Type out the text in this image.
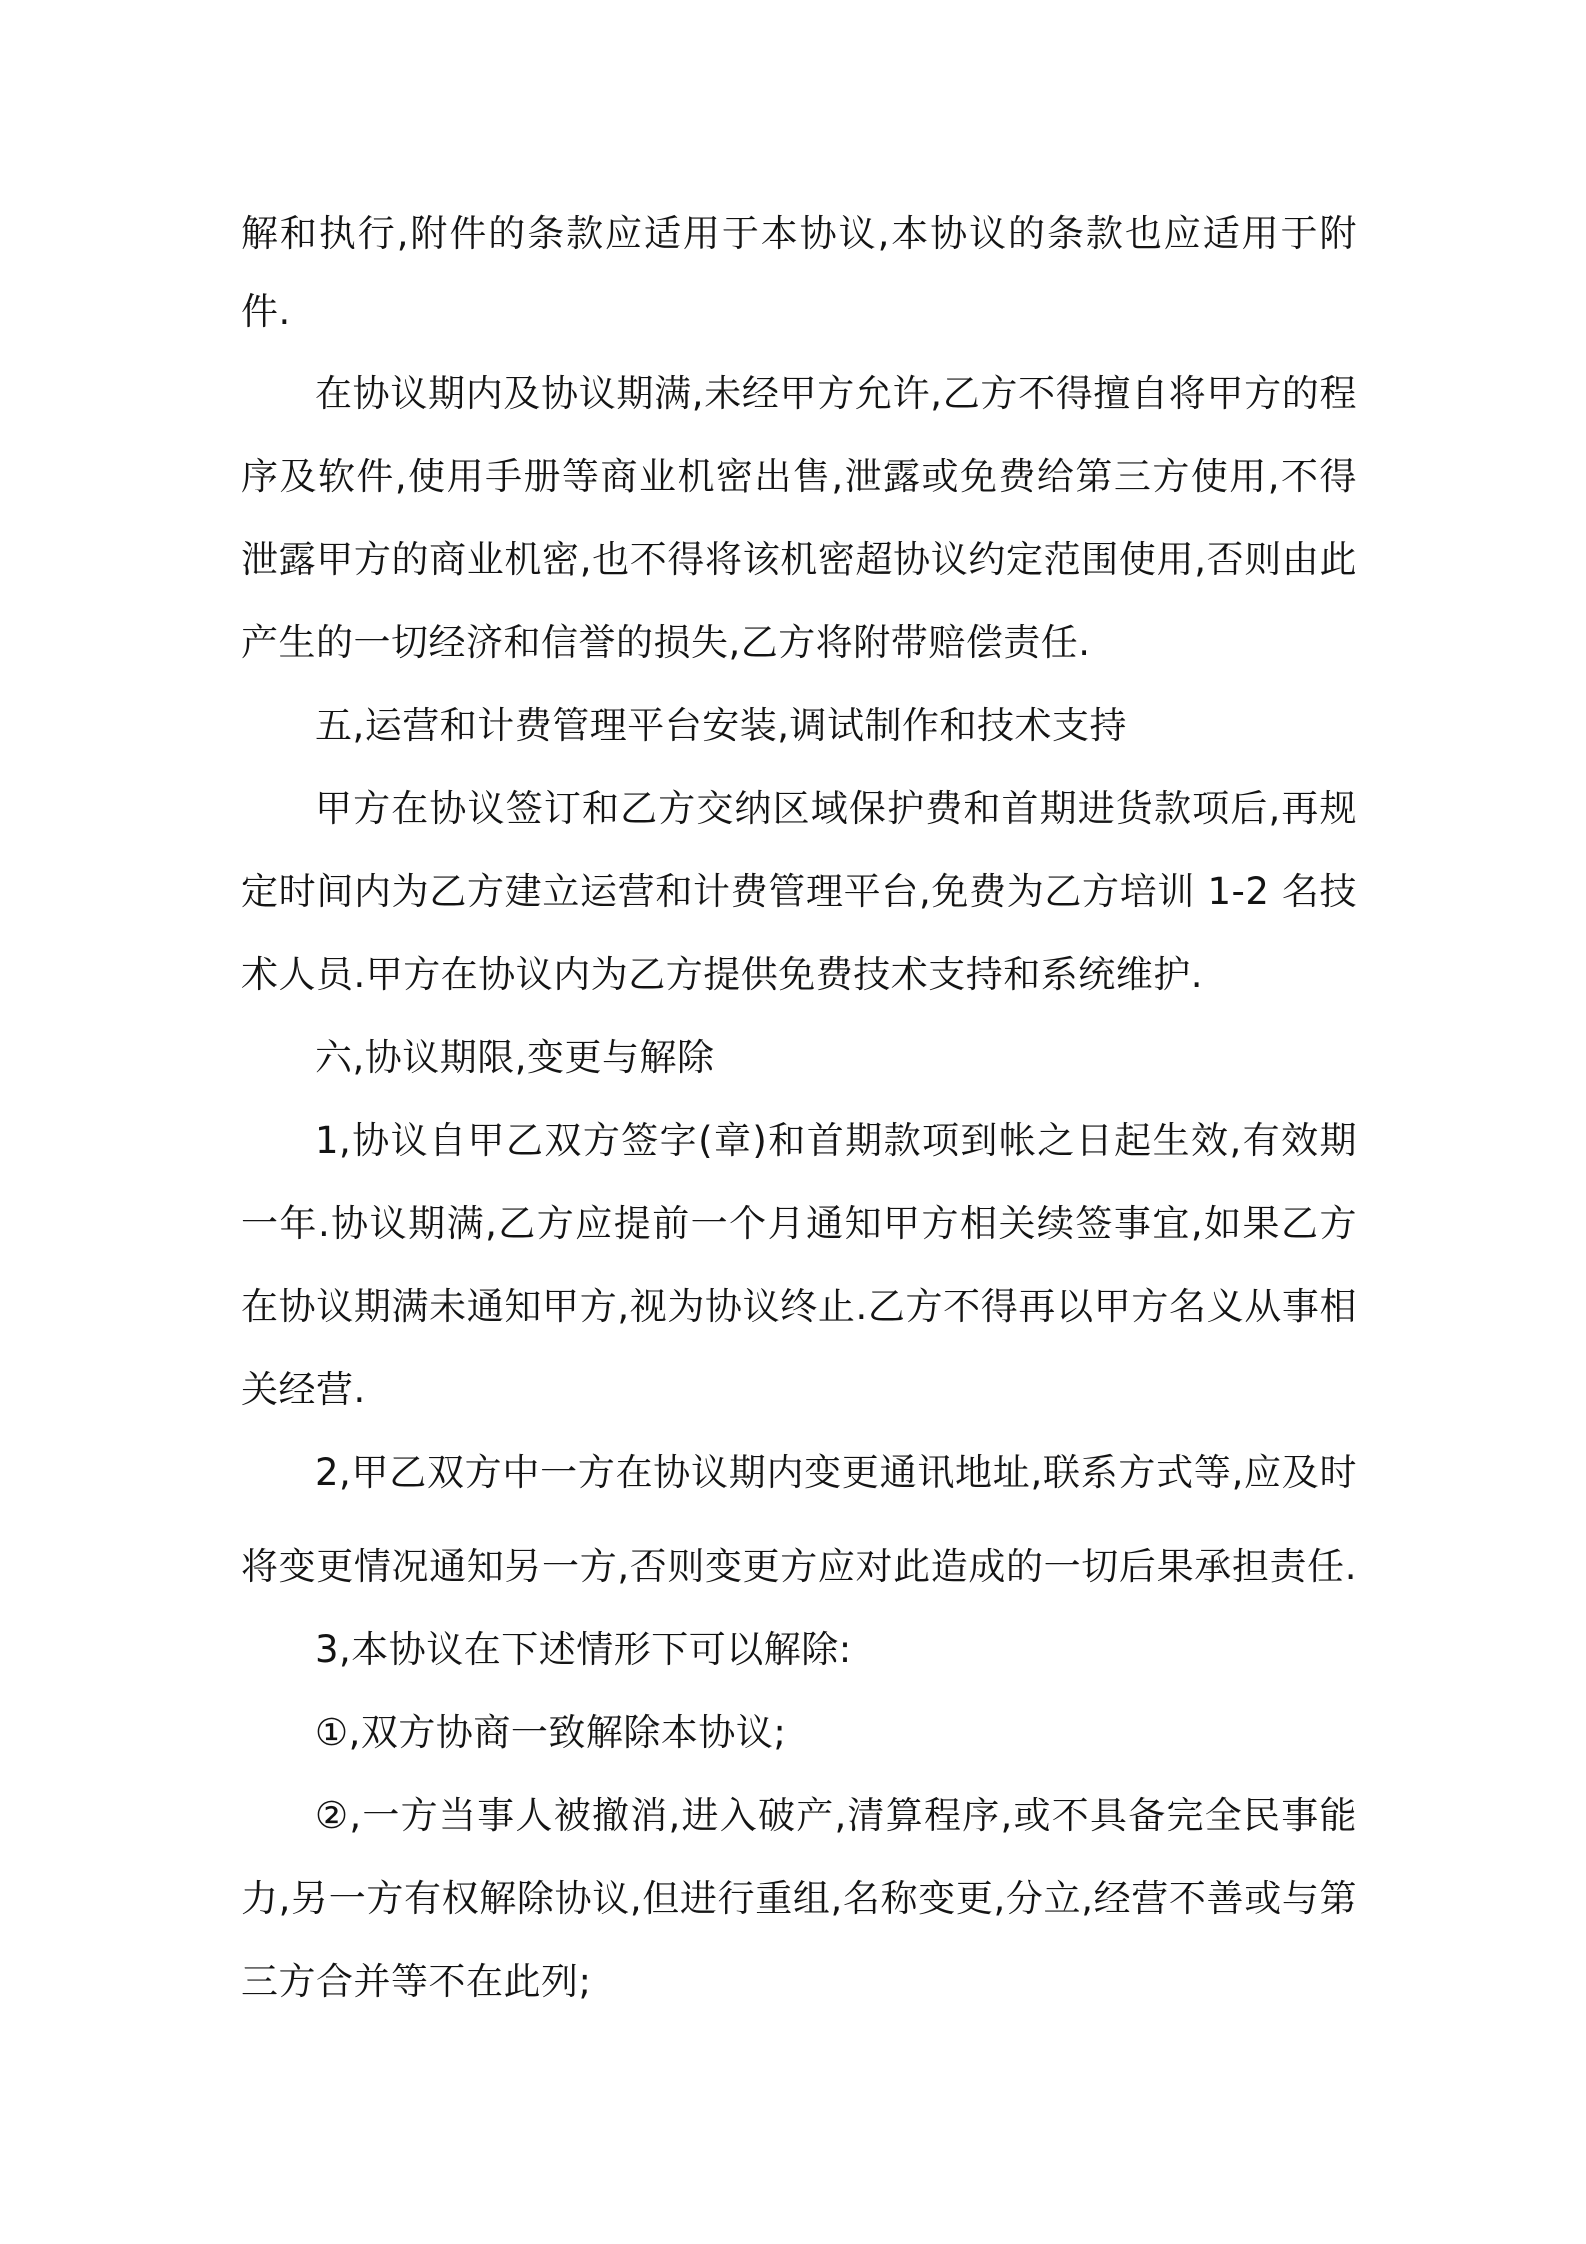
解和执行,附件的条款应适用于本协议,本协议的条款也应适用于附

件.

在协议期内及协议期满,未经甲方允许,乙方不得擅自将甲方的程

序及软件,使用手册等商业机密出售,泄露或免费给第三方使用,不得

泄露甲方的商业机密,也不得将该机密超协议约定范围使用,否则由此

产生的一切经济和信誉的损失,乙方将附带赔偿责任.

五,运营和计费管理平台安装,调试制作和技术支持

甲方在协议签订和乙方交纳区域保护费和首期进货款项后,再规

定时间内为乙方建立运营和计费管理平台,免费为乙方培训 1-2 名技

术人员.甲方在协议内为乙方提供免费技术支持和系统维护.

六,协议期限,变更与解除

1,协议自甲乙双方签字(章)和首期款项到帐之日起生效,有效期

一年.协议期满,乙方应提前一个月通知甲方相关续签事宜,如果乙方

在协议期满未通知甲方,视为协议终止.乙方不得再以甲方名义从事相

关经营.

2,甲乙双方中一方在协议期内变更通讯地址,联系方式等,应及时

将变更情况通知另一方,否则变更方应对此造成的一切后果承担责任.

3,本协议在下述情形下可以解除:

①,双方协商一致解除本协议;

②,一方当事人被撤消,进入破产,清算程序,或不具备完全民事能

力,另一方有权解除协议,但进行重组,名称变更,分立,经营不善或与第

三方合并等不在此列;
